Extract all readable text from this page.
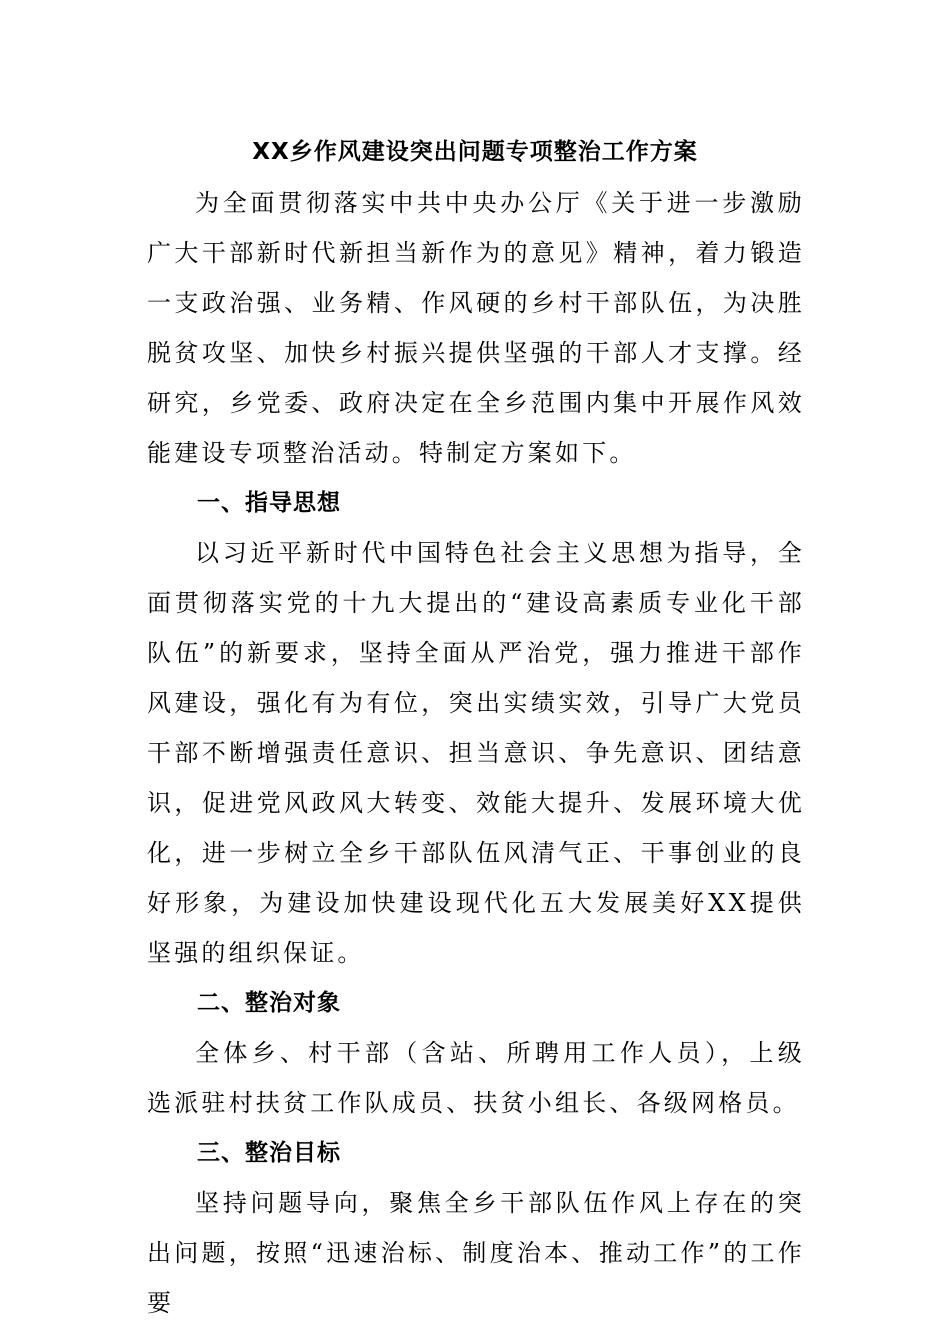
XX乡作风建设突出问题专项整治工作方案

为全面贯彻落实中共中央办公厅《关于进一步激励广大干部新时代新担当新作为的意见》精神，着力锻造一支政治强、业务精、作风硬的乡村干部队伍，为决胜脱贫攻坚、加快乡村振兴提供坚强的干部人才支撑。经研究，乡党委、政府决定在全乡范围内集中开展作风效能建设专项整治活动。特制定方案如下。

一、指导思想

以习近平新时代中国特色社会主义思想为指导，全面贯彻落实党的十九大提出的“建设高素质专业化干部队伍”的新要求，坚持全面从严治党，强力推进干部作风建设，强化有为有位，突出实绩实效，引导广大党员干部不断增强责任意识、担当意识、争先意识、团结意识，促进党风政风大转变、效能大提升、发展环境大优化，进一步树立全乡干部队伍风清气正、干事创业的良好形象，为建设加快建设现代化五大发展美好XX提供坚强的组织保证。

二、整治对象

全体乡、村干部（含站、所聘用工作人员），上级选派驻村扶贫工作队成员、扶贫小组长、各级网格员。

三、整治目标

坚持问题导向，聚焦全乡干部队伍作风上存在的突出问题，按照“迅速治标、制度治本、推动工作”的工作要
